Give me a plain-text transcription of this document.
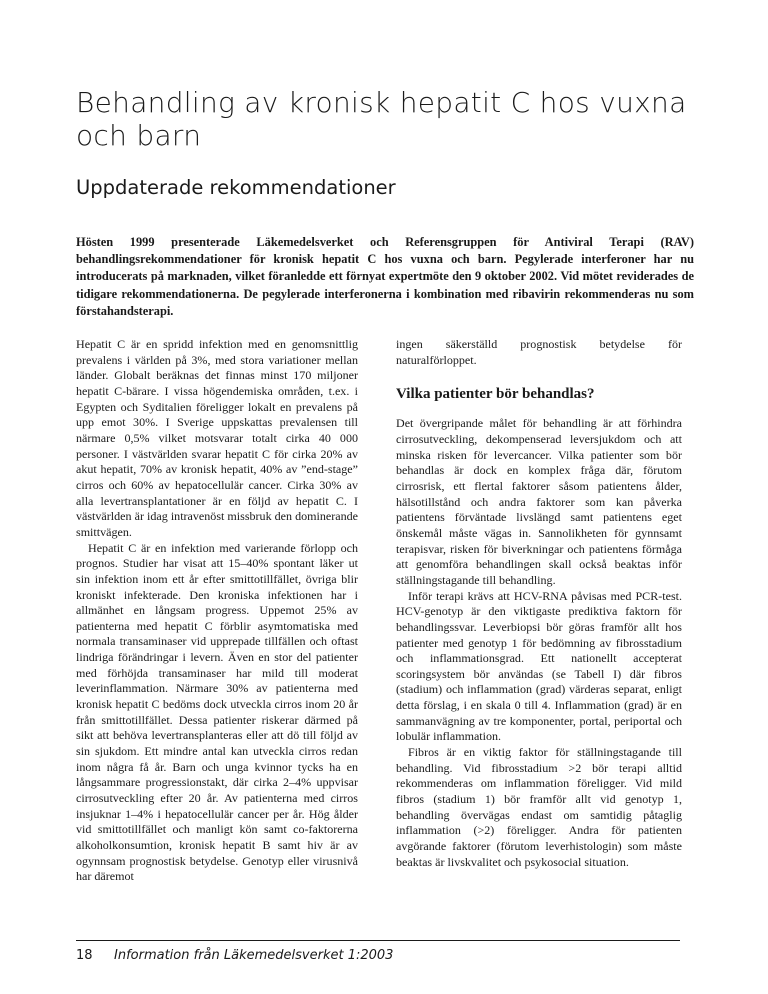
Behandling av kronisk hepatit C hos vuxna och barn
Uppdaterade rekommendationer

Hösten 1999 presenterade Läkemedelsverket och Referensgruppen för Antiviral Terapi (RAV) behandlingsrekommendationer för kronisk hepatit C hos vuxna och barn. Pegylerade interferoner har nu introducerats på marknaden, vilket föranledde ett förnyat expertmöte den 9 oktober 2002. Vid mötet reviderades de tidigare rekommendationerna. De pegylerade interferonerna i kombination med ribavirin rekommenderas nu som förstahandsterapi.

Hepatit C är en spridd infektion med en genomsnittlig prevalens i världen på 3%, med stora variationer mellan länder. Globalt beräknas det finnas minst 170 miljoner hepatit C-bärare. I vissa högendemiska områden, t.ex. i Egypten och Syditalien föreligger lokalt en prevalens på upp emot 30%. I Sverige uppskattas prevalensen till närmare 0,5% vilket motsvarar totalt cirka 40 000 personer. I västvärlden svarar hepatit C för cirka 20% av akut hepatit, 70% av kronisk hepatit, 40% av ”end-stage” cirros och 60% av hepatocellulär cancer. Cirka 30% av alla levertransplantationer är en följd av hepatit C. I västvärlden är idag intravenöst missbruk den dominerande smittvägen.

Hepatit C är en infektion med varierande förlopp och prognos. Studier har visat att 15–40% spontant läker ut sin infektion inom ett år efter smittotillfället, övriga blir kroniskt infekterade. Den kroniska infektionen har i allmänhet en långsam progress. Uppemot 25% av patienterna med hepatit C förblir asymtomatiska med normala transaminaser vid upprepade tillfällen och oftast lindriga förändringar i levern. Även en stor del patienter med förhöjda transaminaser har mild till moderat leverinflammation. Närmare 30% av patienterna med kronisk hepatit C bedöms dock utveckla cirros inom 20 år från smittotillfället. Dessa patienter riskerar därmed på sikt att behöva levertransplanteras eller att dö till följd av sin sjukdom. Ett mindre antal kan utveckla cirros redan inom några få år. Barn och unga kvinnor tycks ha en långsammare progressionstakt, där cirka 2–4% uppvisar cirrosutveckling efter 20 år. Av patienterna med cirros insjuknar 1–4% i hepatocellulär cancer per år. Hög ålder vid smittotillfället och manligt kön samt co-faktorerna alkoholkonsumtion, kronisk hepatit B samt hiv är av ogynnsam prognostisk betydelse. Genotyp eller virusnivå har däremot

ingen säkerställd prognostisk betydelse för naturalförloppet.

Vilka patienter bör behandlas?

Det övergripande målet för behandling är att förhindra cirrosutveckling, dekompenserad leversjukdom och att minska risken för levercancer. Vilka patienter som bör behandlas är dock en komplex fråga där, förutom cirrosrisk, ett flertal faktorer såsom patientens ålder, hälsotillstånd och andra faktorer som kan påverka patientens förväntade livslängd samt patientens eget önskemål måste vägas in. Sannolikheten för gynnsamt terapisvar, risken för biverkningar och patientens förmåga att genomföra behandlingen skall också beaktas inför ställningstagande till behandling.

Inför terapi krävs att HCV-RNA påvisas med PCR-test. HCV-genotyp är den viktigaste prediktiva faktorn för behandlingssvar. Leverbiopsi bör göras framför allt hos patienter med genotyp 1 för bedömning av fibrosstadium och inflammationsgrad. Ett nationellt accepterat scoringsystem bör användas (se Tabell I) där fibros (stadium) och inflammation (grad) värderas separat, enligt detta förslag, i en skala 0 till 4. Inflammation (grad) är en sammanvägning av tre komponenter, portal, periportal och lobulär inflammation.

Fibros är en viktig faktor för ställningstagande till behandling. Vid fibrosstadium >2 bör terapi alltid rekommenderas om inflammation föreligger. Vid mild fibros (stadium 1) bör framför allt vid genotyp 1, behandling övervägas endast om samtidig påtaglig inflammation (>2) föreligger. Andra för patienten avgörande faktorer (förutom leverhistologin) som måste beaktas är livskvalitet och psykosocial situation.

18 Information från Läkemedelsverket 1:2003
